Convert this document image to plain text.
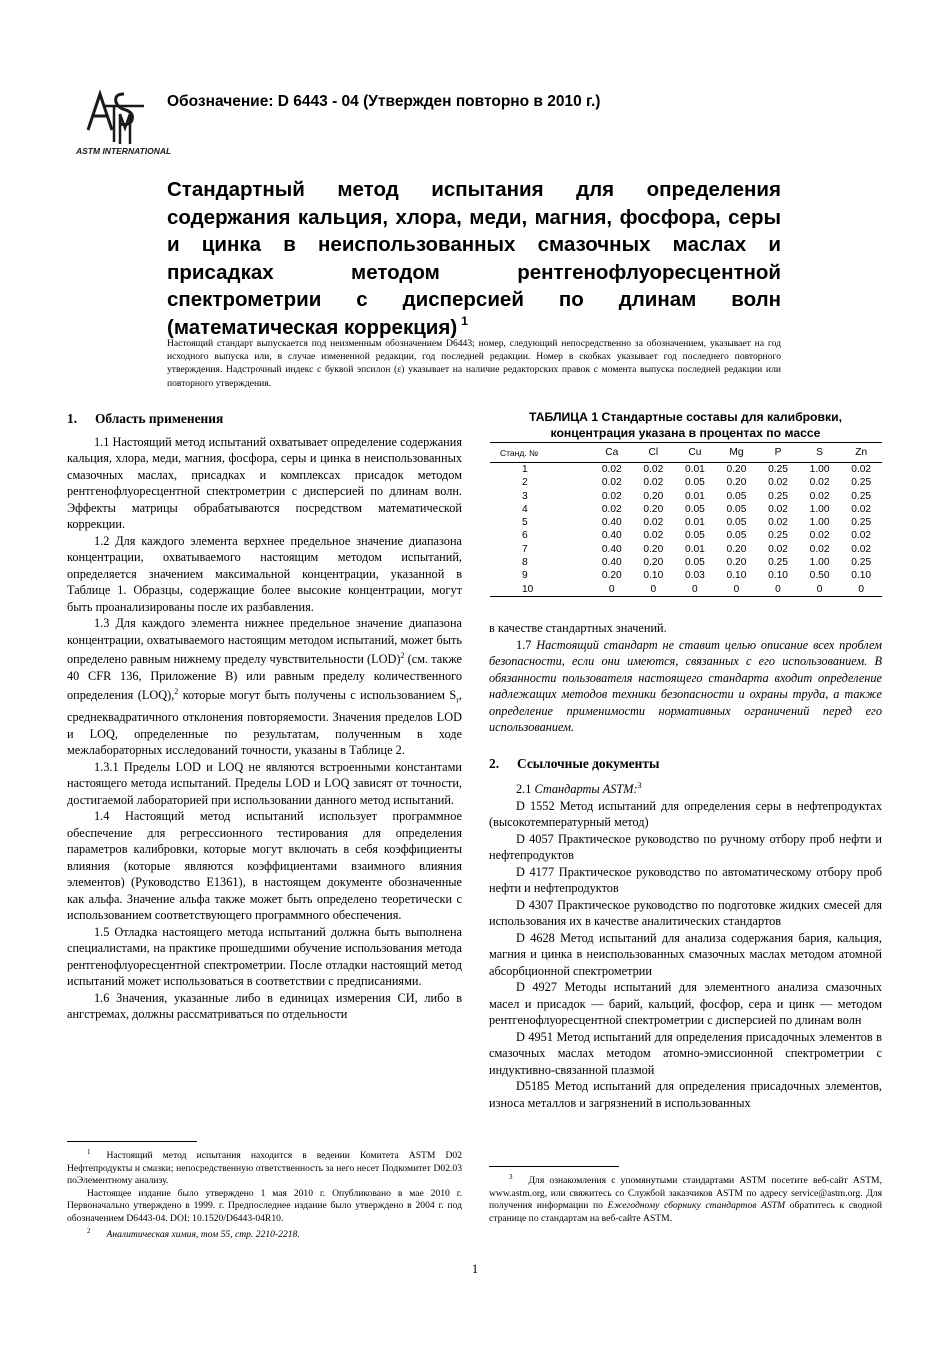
ASTM INTERNATIONAL
Обозначение: D 6443 - 04 (Утвержден повторно в 2010 г.)
Стандартный метод испытания для определения содержания кальция, хлора, меди, магния, фосфора, серы и цинка в неиспользованных смазочных маслах и присадках методом рентгенофлуоресцентной спектрометрии с дисперсией по длинам волн (математическая коррекция) $^1$
Настоящий стандарт выпускается под неизменным обозначением D6443; номер, следующий непосредственно за обозначением, указывает на год исходного выпуска или, в случае измененной редакции, год последней редакции. Номер в скобках указывает год последнего повторного утверждения. Надстрочный индекс с буквой эпсилон (ε) указывает на наличие редакторских правок с момента выпуска последней редакции или повторного утверждения.
1. Область применения

1.1 Настоящий метод испытаний охватывает определение содержания кальция, хлора, меди, магния, фосфора, серы и цинка в неиспользованных смазочных маслах, присадках и комплексах присадок методом рентгенофлуоресцентной спектрометрии с дисперсией по длинам волн. Эффекты матрицы обрабатываются посредством математической коррекции.

1.2 Для каждого элемента верхнее предельное значение диапазона концентрации, охватываемого настоящим методом испытаний, определяется значением максимальной концентрации, указанной в Таблице 1. Образцы, содержащие более высокие концентрации, могут быть проанализированы после их разбавления.

1.3 Для каждого элемента нижнее предельное значение диапазона концентрации, охватываемого настоящим методом испытаний, может быть определено равным нижнему пределу чувствительности (LOD)$^2$ (см. также 40 CFR 136, Приложение В) или равным пределу количественного определения (LOQ),$^2$ которые могут быть получены с использованием $S_r$, среднеквадратичного отклонения повторяемости. Значения пределов LOD и LOQ, определенные по результатам, полученным в ходе межлабораторных исследований точности, указаны в Таблице 2.

1.3.1 Пределы LOD и LOQ не являются встроенными константами настоящего метода испытаний. Пределы LOD и LOQ зависят от точности, достигаемой лабораторией при использовании данного метод испытаний.

1.4 Настоящий метод испытаний использует программное обеспечение для регрессионного тестирования для определения параметров калибровки, которые могут включать в себя коэффициенты влияния (которые являются коэффициентами взаимного влияния элементов) (Руководство E1361), в настоящем документе обозначенные как альфа. Значение альфа также может быть определено теоретически с использованием соответствующего программного обеспечения.

1.5 Отладка настоящего метода испытаний должна быть выполнена специалистами, на практике прошедшими обучение использования метода рентгенофлуоресцентной спектрометрии. После отладки настоящий метод испытаний может использоваться в соответствии с предписаниями.

1.6 Значения, указанные либо в единицах измерения СИ, либо в ангстремах, должны рассматриваться по отдельности

ТАБЛИЦА 1 Стандартные составы для калибровки,
концентрация указана в процентах по массе
Станд. №	Ca	Cl	Cu	Mg	P	S	Zn
1	0.02	0.02	0.01	0.20	0.25	1.00	0.02
2	0.02	0.02	0.05	0.20	0.02	0.02	0.25
3	0.02	0.20	0.01	0.05	0.25	0.02	0.25
4	0.02	0.20	0.05	0.05	0.02	1.00	0.02
5	0.40	0.02	0.01	0.05	0.02	1.00	0.25
6	0.40	0.02	0.05	0.05	0.25	0.02	0.02
7	0.40	0.20	0.01	0.20	0.02	0.02	0.02
8	0.40	0.20	0.05	0.20	0.25	1.00	0.25
9	0.20	0.10	0.03	0.10	0.10	0.50	0.10
10	0	0	0	0	0	0	0

в качестве стандартных значений.

1.7 Настоящий стандарт не ставит целью описание всех проблем безопасности, если они имеются, связанных с его использованием. В обязанности пользователя настоящего стандарта входит определение надлежащих методов техники безопасности и охраны труда, а также определение применимости нормативных ограничений перед его использованием.

2. Ссылочные документы

2.1 Стандарты ASTM:$^3$

D 1552 Метод испытаний для определения серы в нефтепродуктах (высокотемпературный метод)

D 4057 Практическое руководство по ручному отбору проб нефти и нефтепродуктов

D 4177 Практическое руководство по автоматическому отбору проб нефти и нефтепродуктов

D 4307 Практическое руководство по подготовке жидких смесей для использования их в качестве аналитических стандартов

D 4628 Метод испытаний для анализа содержания бария, кальция, магния и цинка в неиспользованных смазочных маслах методом атомной абсорбционной спектрометрии

D 4927 Методы испытаний для элементного анализа смазочных масел и присадок — барий, кальций, фосфор, сера и цинк — методом рентгенофлуоресцентной спектрометрии с дисперсией по длинам волн

D 4951 Метод испытаний для определения присадочных элементов в смазочных маслах методом атомно-эмиссионной спектрометрии с индуктивно-связанной плазмой

D5185 Метод испытаний для определения присадочных элементов, износа металлов и загрязнений в использованных

$^1$ Настоящий метод испытания находится в ведении Комитета ASTM D02 Нефтепродукты и смазки; непосредственную ответственность за него несет Подкомитет D02.03 поЭлементному анализу.

Настоящее издание было утверждено 1 мая 2010 г. Опубликовано в мае 2010 г. Первоначально утверждено в 1999. г. Предпоследнее издание было утверждено в 2004 г. под обозначением D6443-04. DOI: 10.1520/D6443-04R10.

$^2$ Аналитическая химия, том 55, стр. 2210-2218.

$^3$ Для ознакомления с упомянутыми стандартами ASTM посетите веб-сайт ASTM, www.astm.org, или свяжитесь со Службой заказчиков ASTM по адресу service@astm.org. Для получения информации по Ежегодному сборнику стандартов ASTM обратитесь к сводной странице по стандартам на веб-сайте ASTM.

1
